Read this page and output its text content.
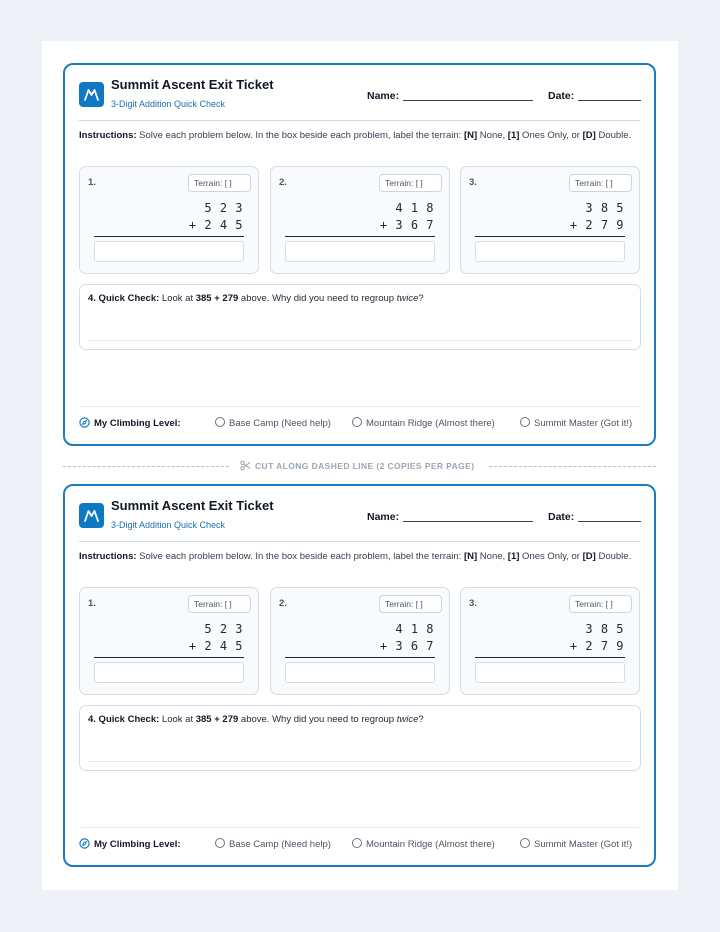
Summit Ascent Exit Ticket
3-Digit Addition Quick Check
Name:	Date:
Instructions: Solve each problem below. In the box beside each problem, label the terrain: [N] None, [1] Ones Only, or [D] Double.
1.	Terrain: [ ]
5 2 3
+ 2 4 5
2.	Terrain: [ ]
4 1 8
+ 3 6 7
3.	Terrain: [ ]
3 8 5
+ 2 7 9
4. Quick Check: Look at 385 + 279 above. Why did you need to regroup twice?
My Climbing Level:	Base Camp (Need help)	Mountain Ridge (Almost there)	Summit Master (Got it!)
CUT ALONG DASHED LINE (2 COPIES PER PAGE)
Summit Ascent Exit Ticket
3-Digit Addition Quick Check
Name:	Date:
Instructions: Solve each problem below. In the box beside each problem, label the terrain: [N] None, [1] Ones Only, or [D] Double.
1.	Terrain: [ ]
5 2 3
+ 2 4 5
2.	Terrain: [ ]
4 1 8
+ 3 6 7
3.	Terrain: [ ]
3 8 5
+ 2 7 9
4. Quick Check: Look at 385 + 279 above. Why did you need to regroup twice?
My Climbing Level:	Base Camp (Need help)	Mountain Ridge (Almost there)	Summit Master (Got it!)
